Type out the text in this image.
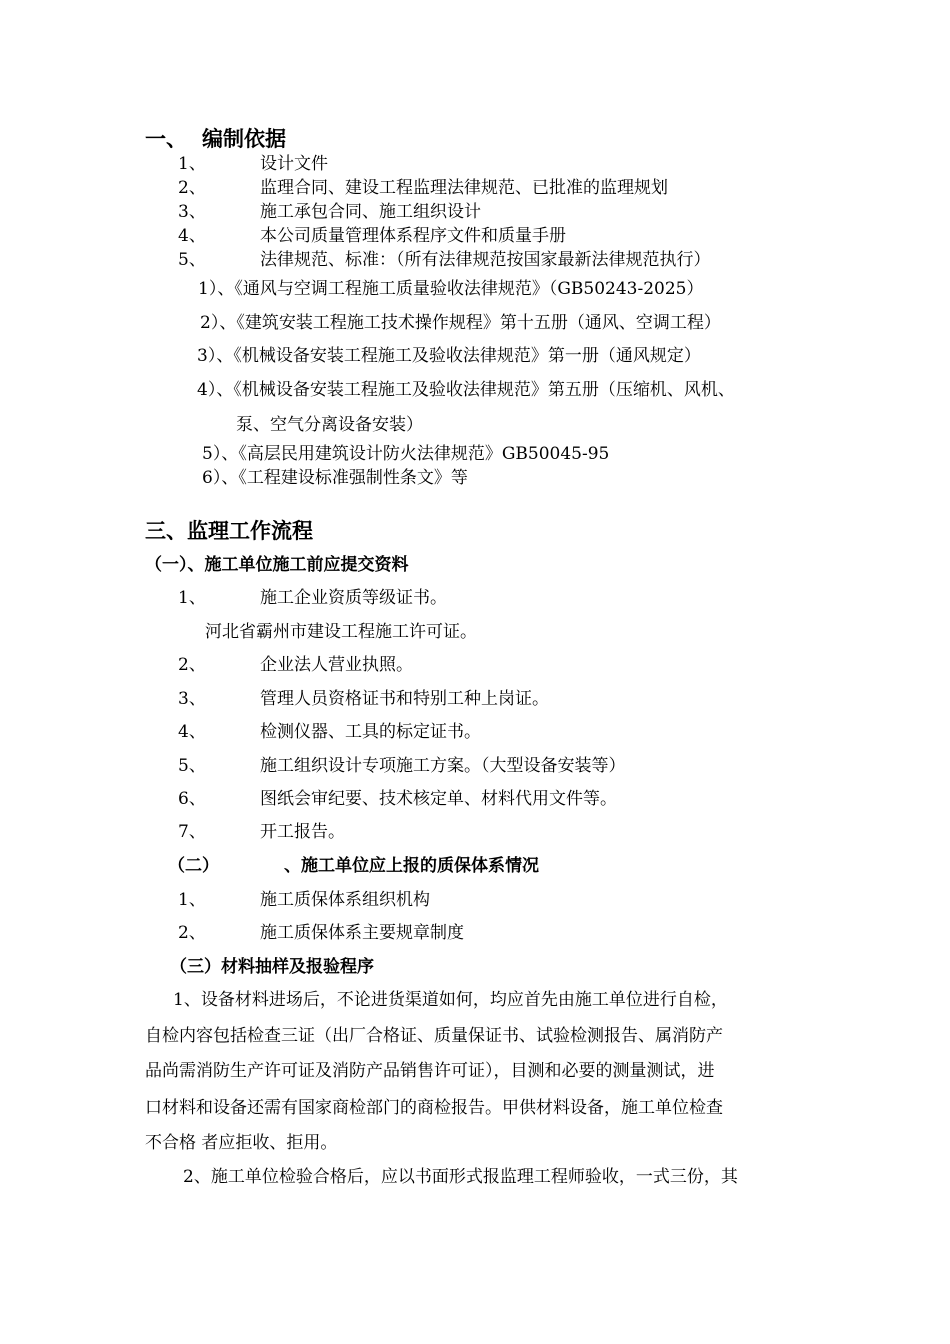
一、 编制依据
1、	设计文件
2、	监理合同、建设工程监理法律规范、已批准的监理规划
3、	施工承包合同、施工组织设计
4、	本公司质量管理体系程序文件和质量手册
5、	法律规范、标准：（所有法律规范按国家最新法律规范执行）
1）、《通风与空调工程施工质量验收法律规范》（GB50243-2025）
2）、《建筑安装工程施工技术操作规程》第十五册（通风、空调工程）
3）、《机械设备安装工程施工及验收法律规范》第一册（通风规定）
4）、《机械设备安装工程施工及验收法律规范》第五册（压缩机、风机、
泵、空气分离设备安装）
5）、《高层民用建筑设计防火法律规范》GB50045-95
6）、《工程建设标准强制性条文》等
三、监理工作流程
（一）、施工单位施工前应提交资料
1、	施工企业资质等级证书。
河北省霸州市建设工程施工许可证。
2、	企业法人营业执照。
3、	管理人员资格证书和特别工种上岗证。
4、	检测仪器、工具的标定证书。
5、	施工组织设计专项施工方案。（大型设备安装等）
6、	图纸会审纪要、技术核定单、材料代用文件等。
7、	开工报告。
（二）	、施工单位应上报的质保体系情况
1、	施工质保体系组织机构
2、	施工质保体系主要规章制度
（三）材料抽样及报验程序
1、设备材料进场后，不论进货渠道如何，均应首先由施工单位进行自检，
自检内容包括检查三证（出厂合格证、质量保证书、试验检测报告、属消防产
品尚需消防生产许可证及消防产品销售许可证），目测和必要的测量测试，进
口材料和设备还需有国家商检部门的商检报告。甲供材料设备，施工单位检查
不合格 者应拒收、拒用。
2、施工单位检验合格后，应以书面形式报监理工程师验收，一式三份，其
